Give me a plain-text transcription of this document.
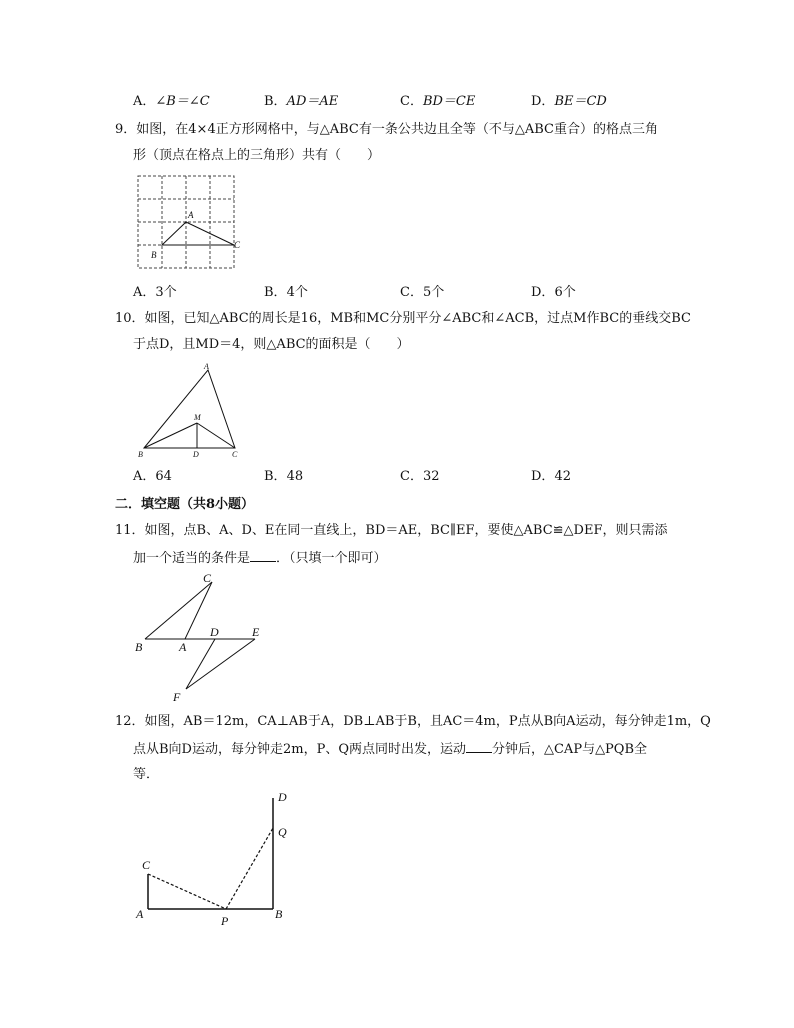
A．∠B＝∠C	B．AD＝AE	C．BD＝CE	D．BE＝CD
9．如图，在4×4正方形网格中，与△ABC有一条公共边且全等（不与△ABC重合）的格点三角
形（顶点在格点上的三角形）共有（　　）
A
B
C
A．3个	B．4个	C．5个	D．6个
10．如图，已知△ABC的周长是16，MB和MC分别平分∠ABC和∠ACB，过点M作BC的垂线交BC
于点D，且MD＝4，则△ABC的面积是（　　）
A
M
B	D	C
A．64	B．48	C．32	D．42
二．填空题（共8小题）
11．如图，点B、A、D、E在同一直线上，BD＝AE，BC∥EF，要使△ABC≌△DEF，则只需添
加一个适当的条件是 ．（只填一个即可）
C
B	A
D	E
F
12．如图，AB＝12m，CA⊥AB于A，DB⊥AB于B，且AC＝4m，P点从B向A运动，每分钟走1m，Q
点从B向D运动，每分钟走2m，P、Q两点同时出发，运动 分钟后，△CAP与△PQB全
等．
D
Q
C
A	P	B
